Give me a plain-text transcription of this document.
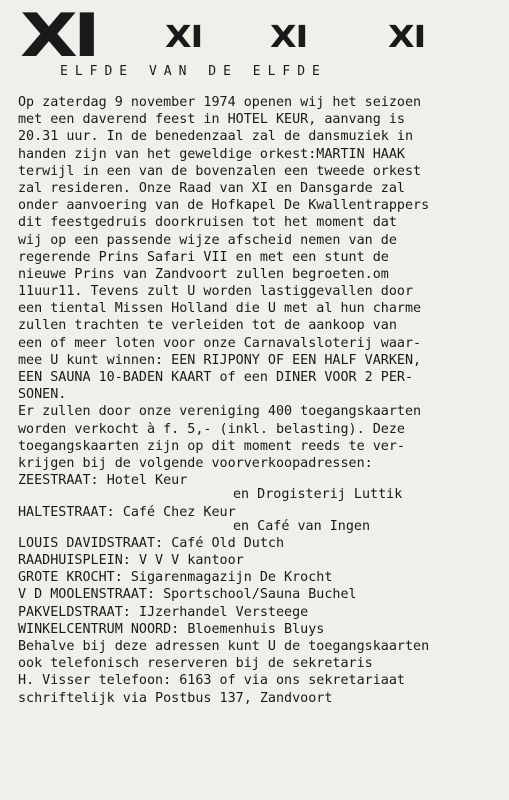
XI XI XI	XI
ELFDE VAN DE ELFDE
Op zaterdag 9 november 1974 openen wij het seizoen
met een daverend feest in HOTEL KEUR, aanvang is
20.31 uur. In de benedenzaal zal de dansmuziek in
handen zijn van het geweldige orkest:MARTIN HAAK
terwijl in een van de bovenzalen een tweede orkest
zal resideren. Onze Raad van XI en Dansgarde zal
onder aanvoering van de Hofkapel De Kwallentrappers
dit feestgedruis doorkruisen tot het moment dat
wij op een passende wijze afscheid nemen van de
regerende Prins Safari VII en met een stunt de
nieuwe Prins van Zandvoort zullen begroeten.om
11uur11. Tevens zult U worden lastiggevallen door
een tiental Missen Holland die U met al hun charme
zullen trachten te verleiden tot de aankoop van
een of meer loten voor onze Carnavalsloterij waar-
mee U kunt winnen: EEN RIJPONY OF EEN HALF VARKEN,
EEN SAUNA 10-BADEN KAART of een DINER VOOR 2 PER-
SONEN.
Er zullen door onze vereniging 400 toegangskaarten
worden verkocht à f. 5,- (inkl. belasting). Deze
toegangskaarten zijn op dit moment reeds te ver-
krijgen bij de volgende voorverkoopadressen:
ZEESTRAAT: Hotel Keur
en Drogisterij Luttik
HALTESTRAAT: Café Chez Keur
en Café van Ingen
LOUIS DAVIDSTRAAT: Café Old Dutch
RAADHUISPLEIN: V V V kantoor
GROTE KROCHT: Sigarenmagazijn De Krocht
V D MOOLENSTRAAT: Sportschool/Sauna Buchel
PAKVELDSTRAAT: IJzerhandel Versteege
WINKELCENTRUM NOORD: Bloemenhuis Bluys
Behalve bij deze adressen kunt U de toegangskaarten
ook telefonisch reserveren bij de sekretaris
H. Visser telefoon: 6163 of via ons sekretariaat
schriftelijk via Postbus 137, Zandvoort
